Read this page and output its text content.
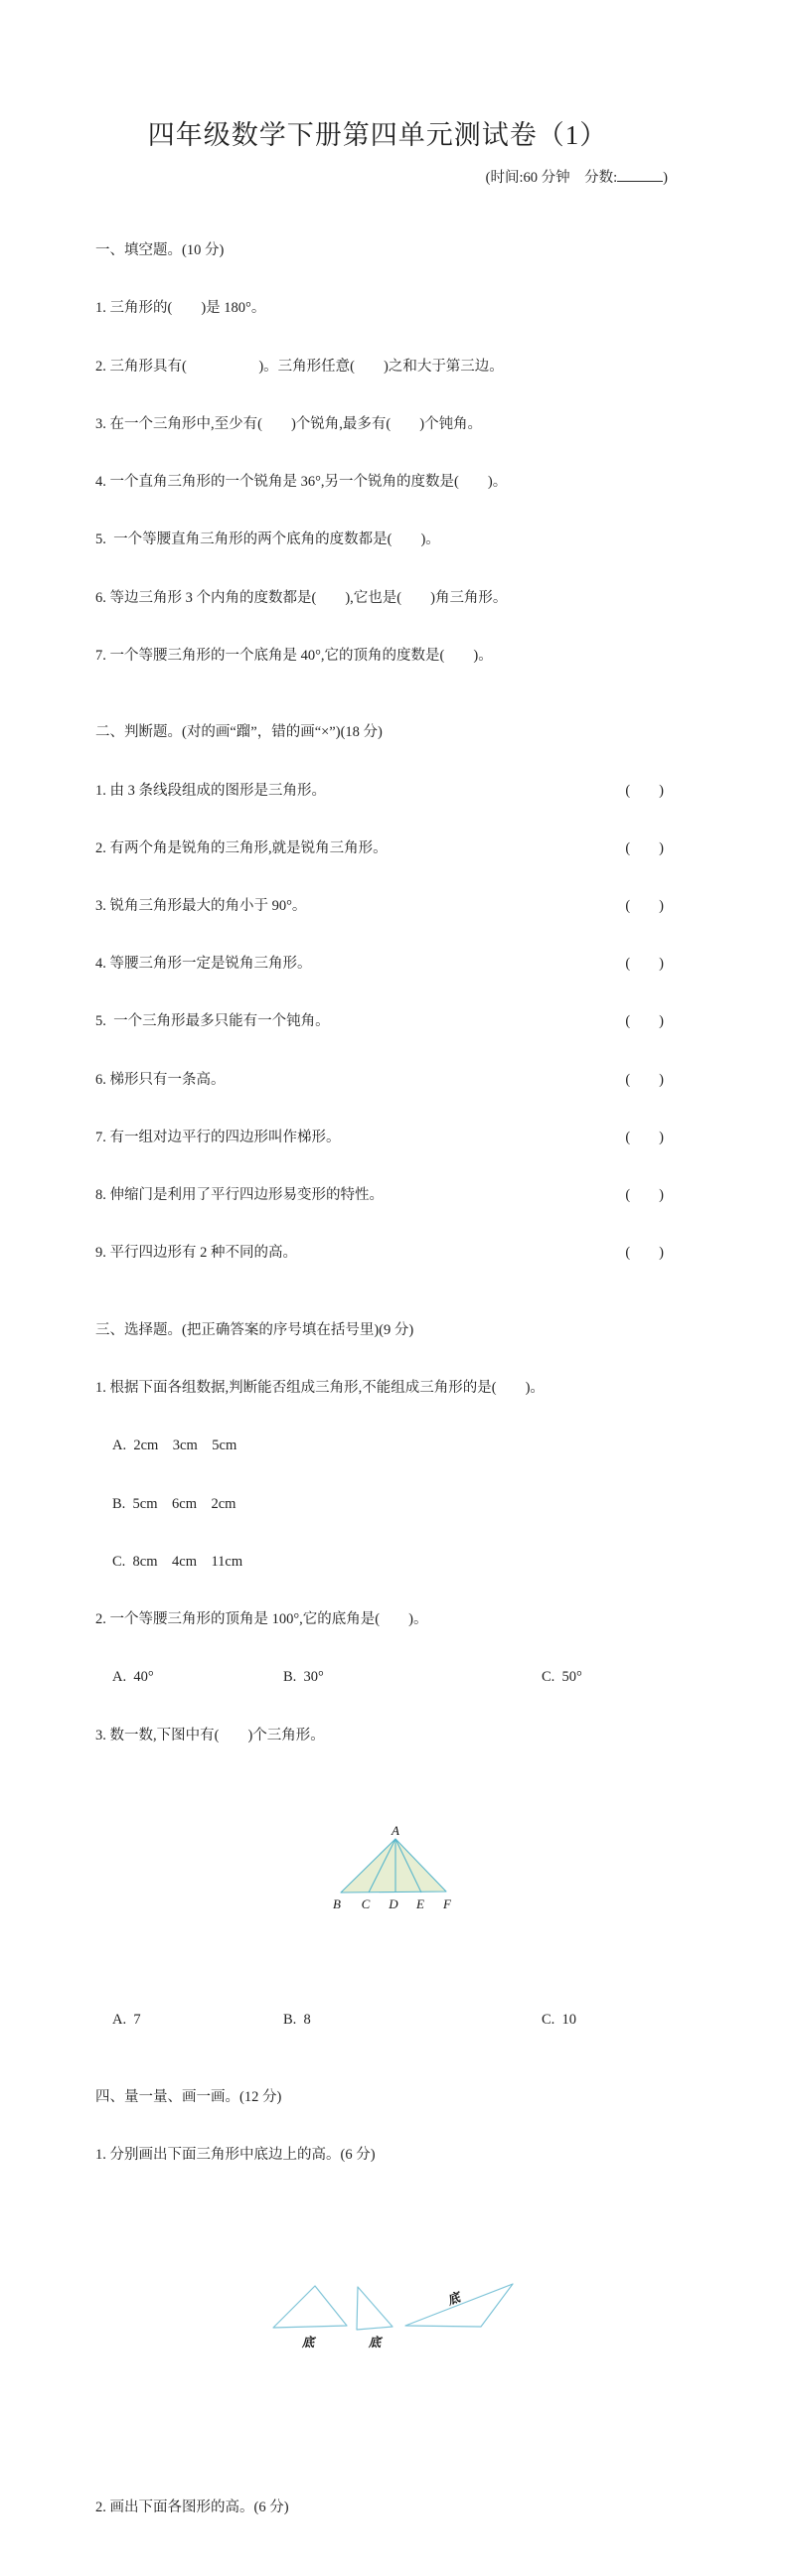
四年级数学下册第四单元测试卷（1）
(时间:60 分钟　分数:	)

一、填空题。(10 分)

1. 三角形的(　　)是 180°。

2. 三角形具有(　　　　　)。三角形任意(　　)之和大于第三边。

3. 在一个三角形中,至少有(　　)个锐角,最多有(　　)个钝角。

4. 一个直角三角形的一个锐角是 36°,另一个锐角的度数是(　　)。

5.  一个等腰直角三角形的两个底角的度数都是(　　)。

6. 等边三角形 3 个内角的度数都是(　　),它也是(　　)角三角形。

7. 一个等腰三角形的一个底角是 40°,它的顶角的度数是(　　)。

二、判断题。(对的画“蹓”，错的画“×”)(18 分)

1. 由 3 条线段组成的图形是三角形。	(　　)

2. 有两个角是锐角的三角形,就是锐角三角形。	(　　)

3. 锐角三角形最大的角小于 90°。	(　　)

4. 等腰三角形一定是锐角三角形。	(　　)

5.  一个三角形最多只能有一个钝角。	(　　)

6. 梯形只有一条高。	(　　)

7. 有一组对边平行的四边形叫作梯形。	(　　)

8. 伸缩门是利用了平行四边形易变形的特性。	(　　)

9. 平行四边形有 2 种不同的高。	(　　)

三、选择题。(把正确答案的序号填在括号里)(9 分)

1. 根据下面各组数据,判断能否组成三角形,不能组成三角形的是(　　)。

A.  2cm　3cm　5cm

B.  5cm　6cm　2cm

C.  8cm　4cm　11cm

2. 一个等腰三角形的顶角是 100°,它的底角是(　　)。

A.  40°

	B.  30°

	C.  50°

3. 数一数,下图中有(　　)个三角形。

A
B C D E F

A.  7

	B.  8

	C.  10

四、量一量、画一画。(12 分)

1. 分别画出下面三角形中底边上的高。(6 分)

底	底
底

2. 画出下面各图形的高。(6 分)
